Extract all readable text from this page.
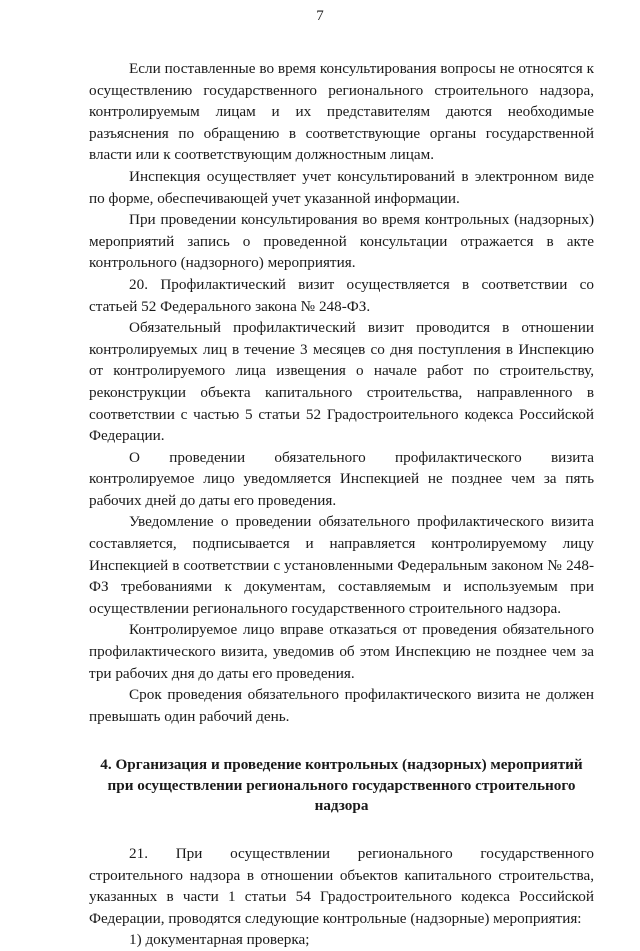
7

Если поставленные во время консультирования вопросы не относятся к осуществлению государственного регионального строительного надзора, контролируемым лицам и их представителям даются необходимые разъяснения по обращению в соответствующие органы государственной власти или к соответствующим должностным лицам.

Инспекция осуществляет учет консультирований в электронном виде по форме, обеспечивающей учет указанной информации.

При проведении консультирования во время контрольных (надзорных) мероприятий запись о проведенной консультации отражается в акте контрольного (надзорного) мероприятия.

20. Профилактический визит осуществляется в соответствии со статьей 52 Федерального закона № 248-ФЗ.

Обязательный профилактический визит проводится в отношении контролируемых лиц в течение 3 месяцев со дня поступления в Инспекцию от контролируемого лица извещения о начале работ по строительству, реконструкции объекта капитального строительства, направленного в соответствии с частью 5 статьи 52 Градостроительного кодекса Российской Федерации.

О проведении обязательного профилактического визита контролируемое лицо уведомляется Инспекцией не позднее чем за пять рабочих дней до даты его проведения.

Уведомление о проведении обязательного профилактического визита составляется, подписывается и направляется контролируемому лицу Инспекцией в соответствии с установленными Федеральным законом № 248-ФЗ требованиями к документам, составляемым и используемым при осуществлении регионального государственного строительного надзора.

Контролируемое лицо вправе отказаться от проведения обязательного профилактического визита, уведомив об этом Инспекцию не позднее чем за три рабочих дня до даты его проведения.

Срок проведения обязательного профилактического визита не должен превышать один рабочий день.

4. Организация и проведение контрольных (надзорных) мероприятий при осуществлении регионального государственного строительного надзора

21. При осуществлении регионального государственного строительного надзора в отношении объектов капитального строительства, указанных в части 1 статьи 54 Градостроительного кодекса Российской Федерации, проводятся следующие контрольные (надзорные) мероприятия:

1) документарная проверка;
